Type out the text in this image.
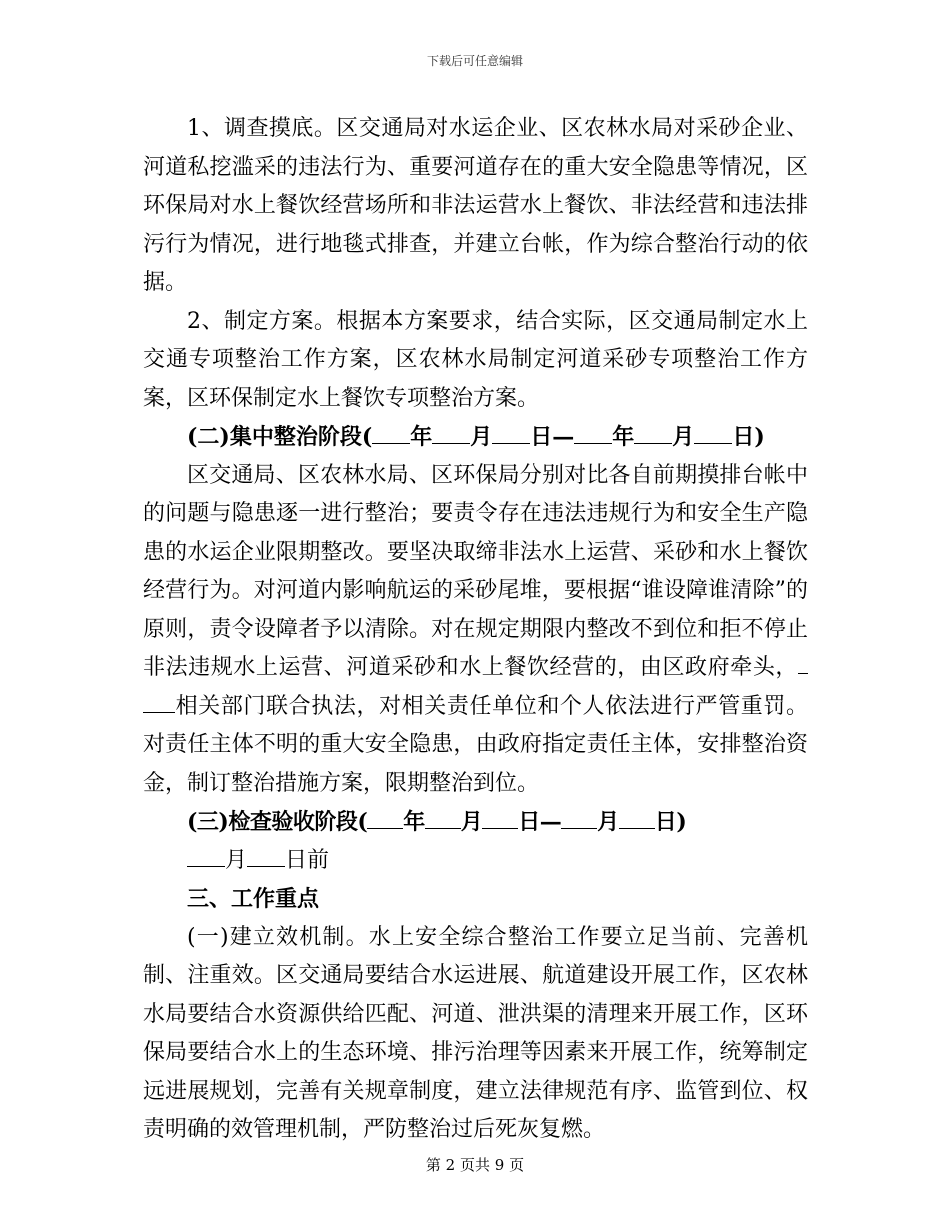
下载后可任意编辑

1、调查摸底。区交通局对水运企业、区农林水局对采砂企业、河道私挖滥采的违法行为、重要河道存在的重大安全隐患等情况，区环保局对水上餐饮经营场所和非法运营水上餐饮、非法经营和违法排污行为情况，进行地毯式排查，并建立台帐，作为综合整治行动的依据。

2、制定方案。根据本方案要求，结合实际，区交通局制定水上交通专项整治工作方案，区农林水局制定河道采砂专项整治工作方案，区环保制定水上餐饮专项整治方案。

(二)集中整治阶段( 年 月 日— 年 月 日)

区交通局、区农林水局、区环保局分别对比各自前期摸排台帐中的问题与隐患逐一进行整治；要责令存在违法违规行为和安全生产隐患的水运企业限期整改。要坚决取缔非法水上运营、采砂和水上餐饮经营行为。对河道内影响航运的采砂尾堆，要根据“谁设障谁清除”的原则，责令设障者予以清除。对在规定期限内整改不到位和拒不停止非法违规水上运营、河道采砂和水上餐饮经营的，由区政府牵头，相关部门联合执法，对相关责任单位和个人依法进行严管重罚。对责任主体不明的重大安全隐患，由政府指定责任主体，安排整治资金，制订整治措施方案，限期整治到位。

(三)检查验收阶段( 年 月 日— 月 日)

月 日前

三、工作重点

(一)建立效机制。水上安全综合整治工作要立足当前、完善机制、注重效。区交通局要结合水运进展、航道建设开展工作，区农林水局要结合水资源供给匹配、河道、泄洪渠的清理来开展工作，区环保局要结合水上的生态环境、排污治理等因素来开展工作，统筹制定远进展规划，完善有关规章制度，建立法律规范有序、监管到位、权责明确的效管理机制，严防整治过后死灰复燃。

第 2 页共 9 页
